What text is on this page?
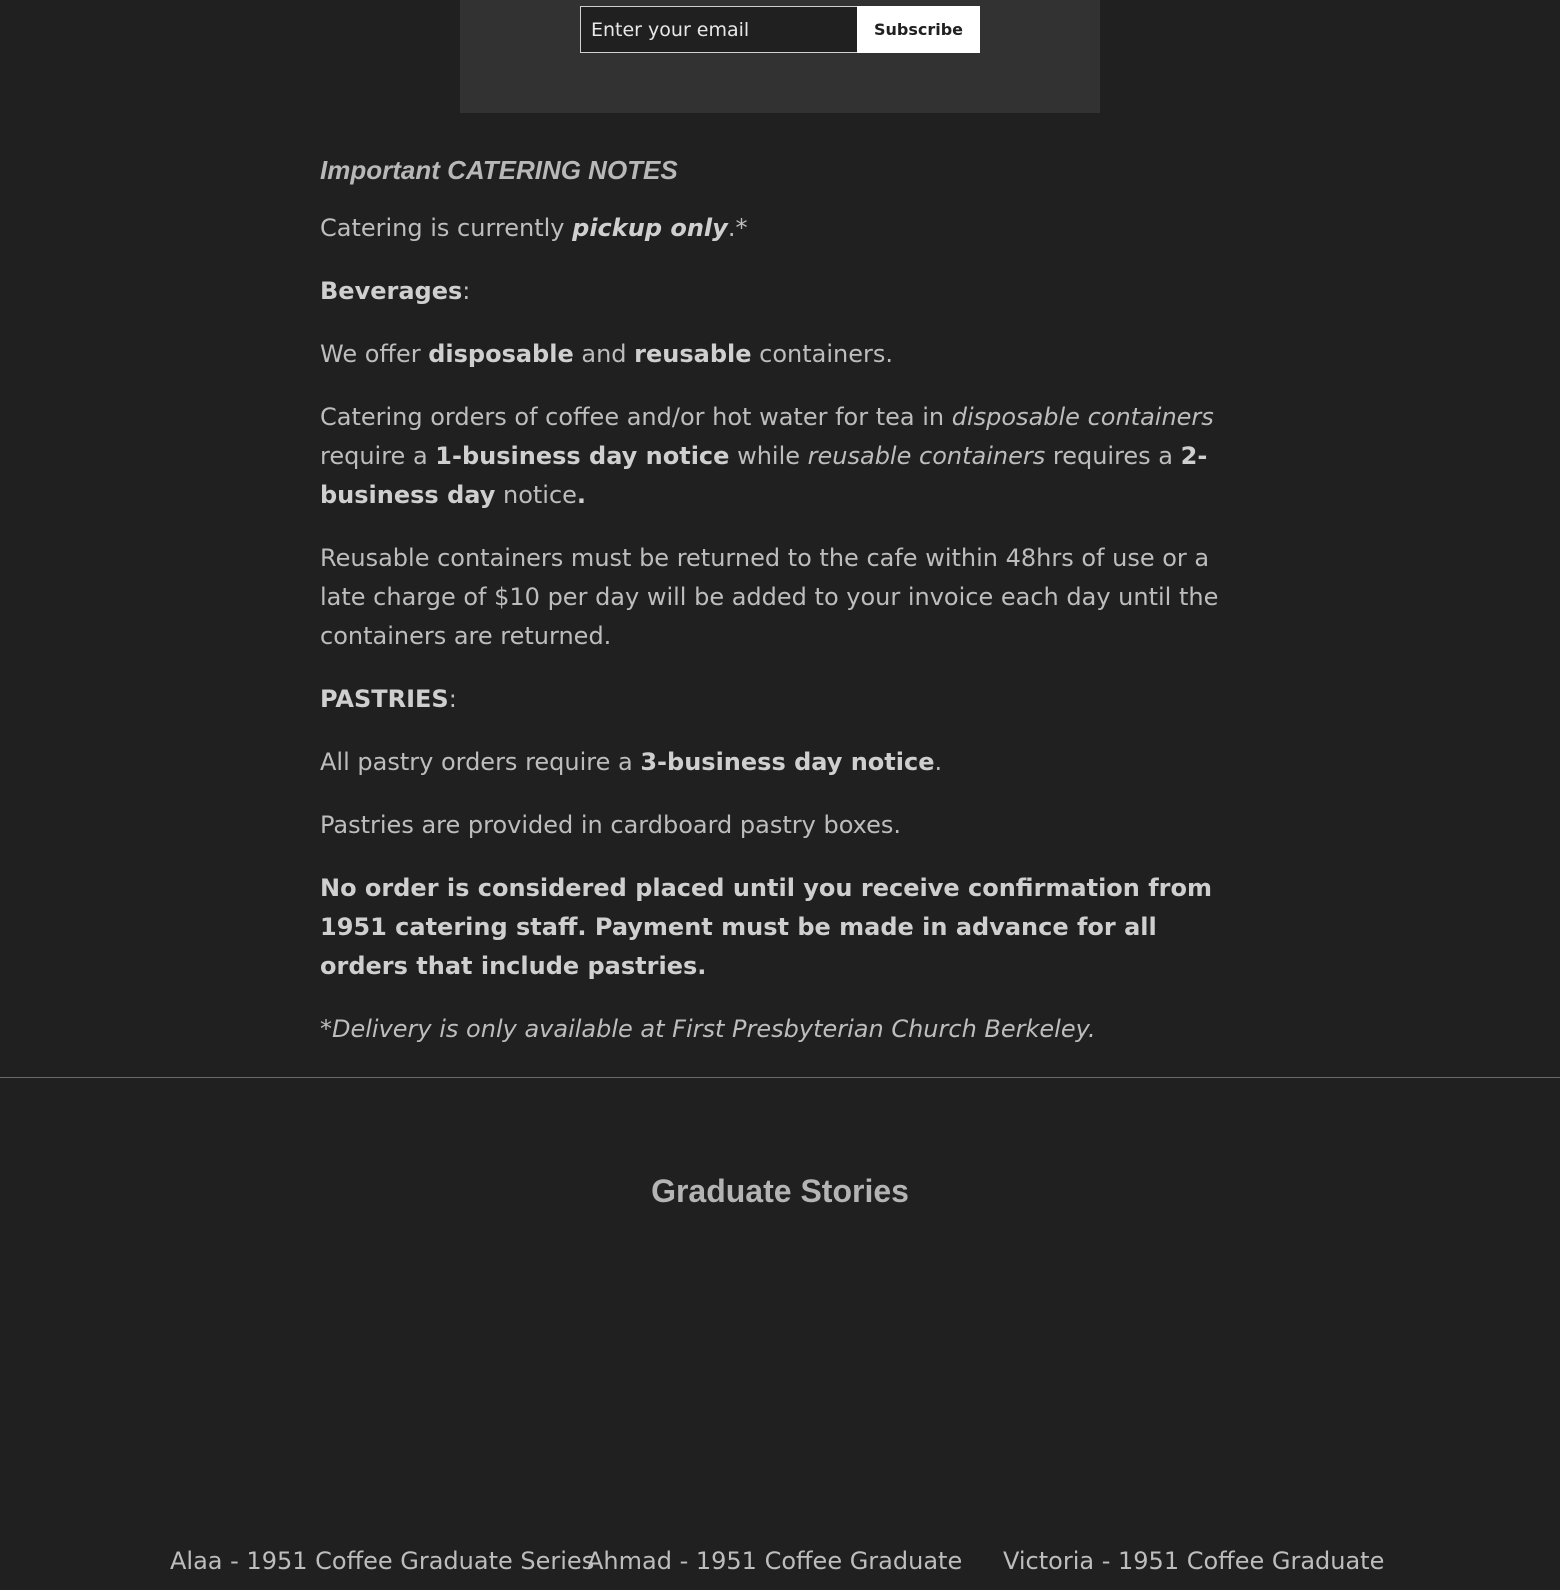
Enter your email
Subscribe
Important CATERING NOTES

Catering is currently pickup only.*

Beverages:

We offer disposable and reusable containers.

Catering orders of coffee and/or hot water for tea in disposable containers require a 1-business day notice while reusable containers requires a 2-business day notice.

Reusable containers must be returned to the cafe within 48hrs of use or a late charge of $10 per day will be added to your invoice each day until the containers are returned.

PASTRIES:

All pastry orders require a 3-business day notice.

Pastries are provided in cardboard pastry boxes.

No order is considered placed until you receive confirmation from 1951 catering staff. Payment must be made in advance for all orders that include pastries.

*Delivery is only available at First Presbyterian Church Berkeley.

Graduate Stories
Alaa - 1951 Coffee Graduate Series
Ahmad - 1951 Coffee Graduate Victoria - 1951 Coffee Graduate
